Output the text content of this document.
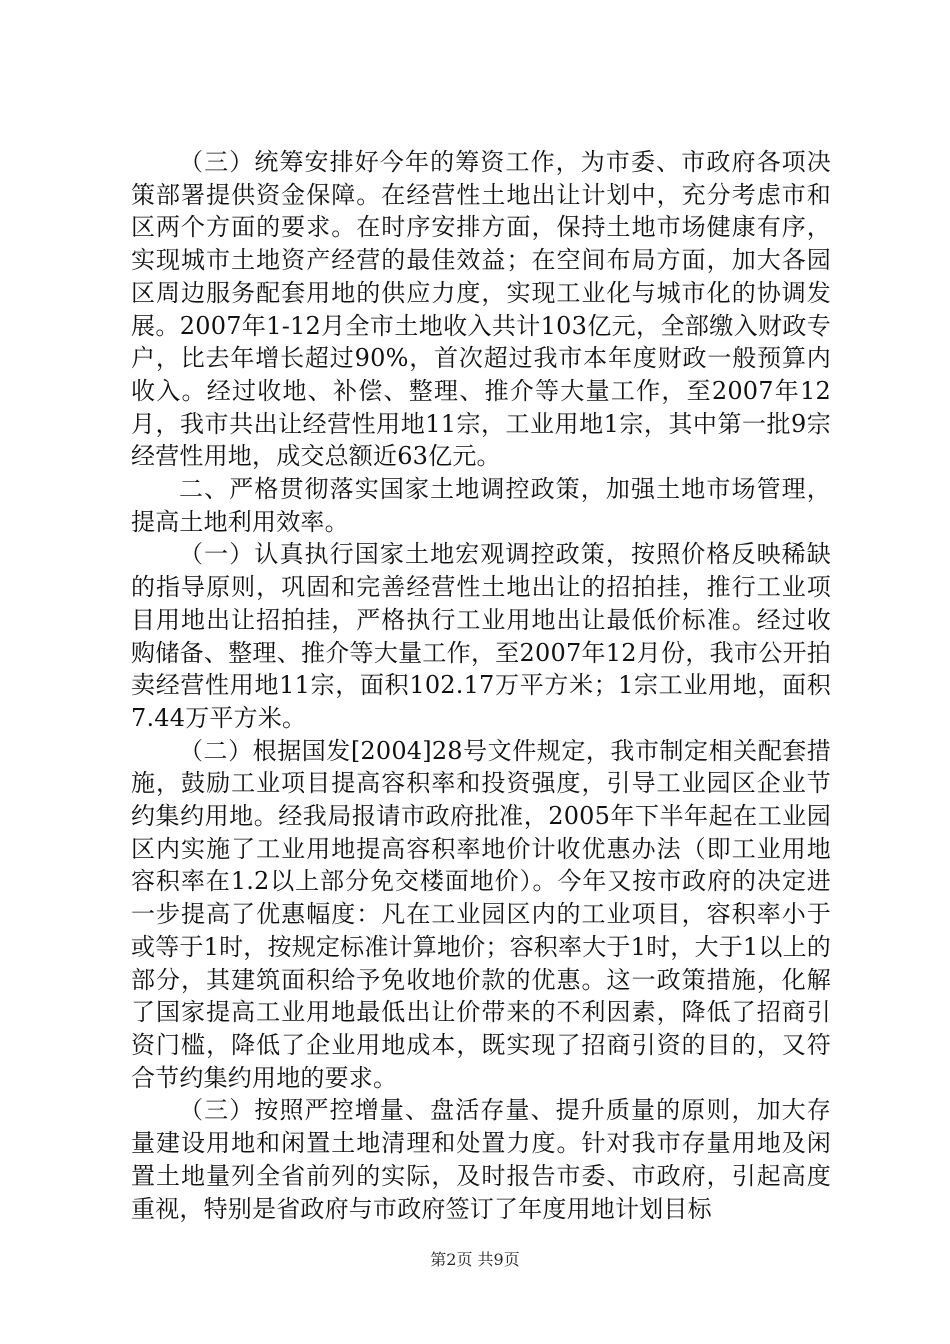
（三）统筹安排好今年的筹资工作，为市委、市政府各项决策部署提供资金保障。在经营性土地出让计划中，充分考虑市和区两个方面的要求。在时序安排方面，保持土地市场健康有序，实现城市土地资产经营的最佳效益；在空间布局方面，加大各园区周边服务配套用地的供应力度，实现工业化与城市化的协调发展。2007年1-12月全市土地收入共计103亿元，全部缴入财政专户，比去年增长超过90%，首次超过我市本年度财政一般预算内收入。经过收地、补偿、整理、推介等大量工作，至2007年12月，我市共出让经营性用地11宗，工业用地1宗，其中第一批9宗经营性用地，成交总额近63亿元。

二、严格贯彻落实国家土地调控政策，加强土地市场管理，提高土地利用效率。

（一）认真执行国家土地宏观调控政策，按照价格反映稀缺的指导原则，巩固和完善经营性土地出让的招拍挂，推行工业项目用地出让招拍挂，严格执行工业用地出让最低价标准。经过收购储备、整理、推介等大量工作，至2007年12月份，我市公开拍卖经营性用地11宗，面积102.17万平方米；1宗工业用地，面积7.44万平方米。

（二）根据国发[2004]28号文件规定，我市制定相关配套措施，鼓励工业项目提高容积率和投资强度，引导工业园区企业节约集约用地。经我局报请市政府批准，2005年下半年起在工业园区内实施了工业用地提高容积率地价计收优惠办法（即工业用地容积率在1.2以上部分免交楼面地价）。今年又按市政府的决定进一步提高了优惠幅度：凡在工业园区内的工业项目，容积率小于或等于1时，按规定标准计算地价；容积率大于1时，大于1以上的部分，其建筑面积给予免收地价款的优惠。这一政策措施，化解了国家提高工业用地最低出让价带来的不利因素，降低了招商引资门槛，降低了企业用地成本，既实现了招商引资的目的，又符合节约集约用地的要求。

（三）按照严控增量、盘活存量、提升质量的原则，加大存量建设用地和闲置土地清理和处置力度。针对我市存量用地及闲置土地量列全省前列的实际，及时报告市委、市政府，引起高度重视，特别是省政府与市政府签订了年度用地计划目标

第2页 共9页
